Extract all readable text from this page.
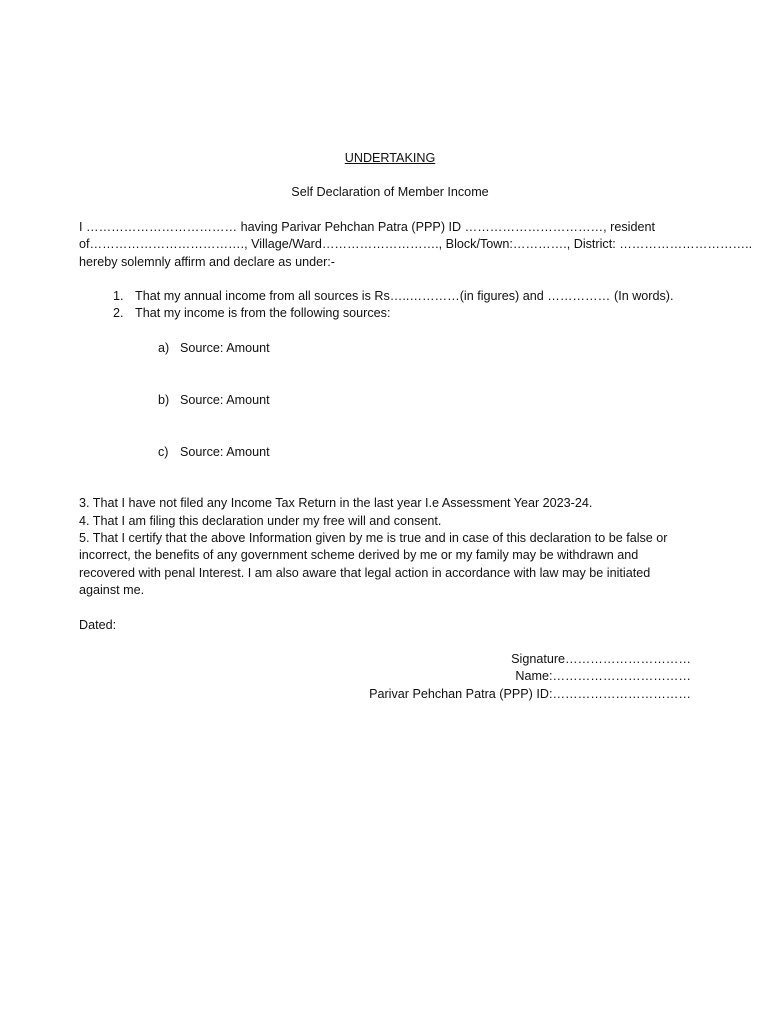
UNDERTAKING

Self Declaration of Member Income

I ……………………………… having Parivar Pehchan Patra (PPP) ID ……………………………, resident
of………………………………., Village/Ward………………………., Block/Town:…………., District: …………………………..
hereby solemnly affirm and declare as under:-
1. That my annual income from all sources is Rs…..…………(in figures) and …………… (In words).
2. That my income is from the following sources:
a) Source: Amount
b) Source: Amount
c) Source: Amount

3. That I have not filed any Income Tax Return in the last year I.e Assessment Year 2023-24.

4. That I am filing this declaration under my free will and consent.

5. That I certify that the above Information given by me is true and in case of this declaration to be false or incorrect, the benefits of any government scheme derived by me or my family may be withdrawn and recovered with penal Interest. I am also aware that legal action in accordance with law may be initiated against me.

Dated:

Signature…………………………
Name:……………………………
Parivar Pehchan Patra (PPP) ID:……………………………
